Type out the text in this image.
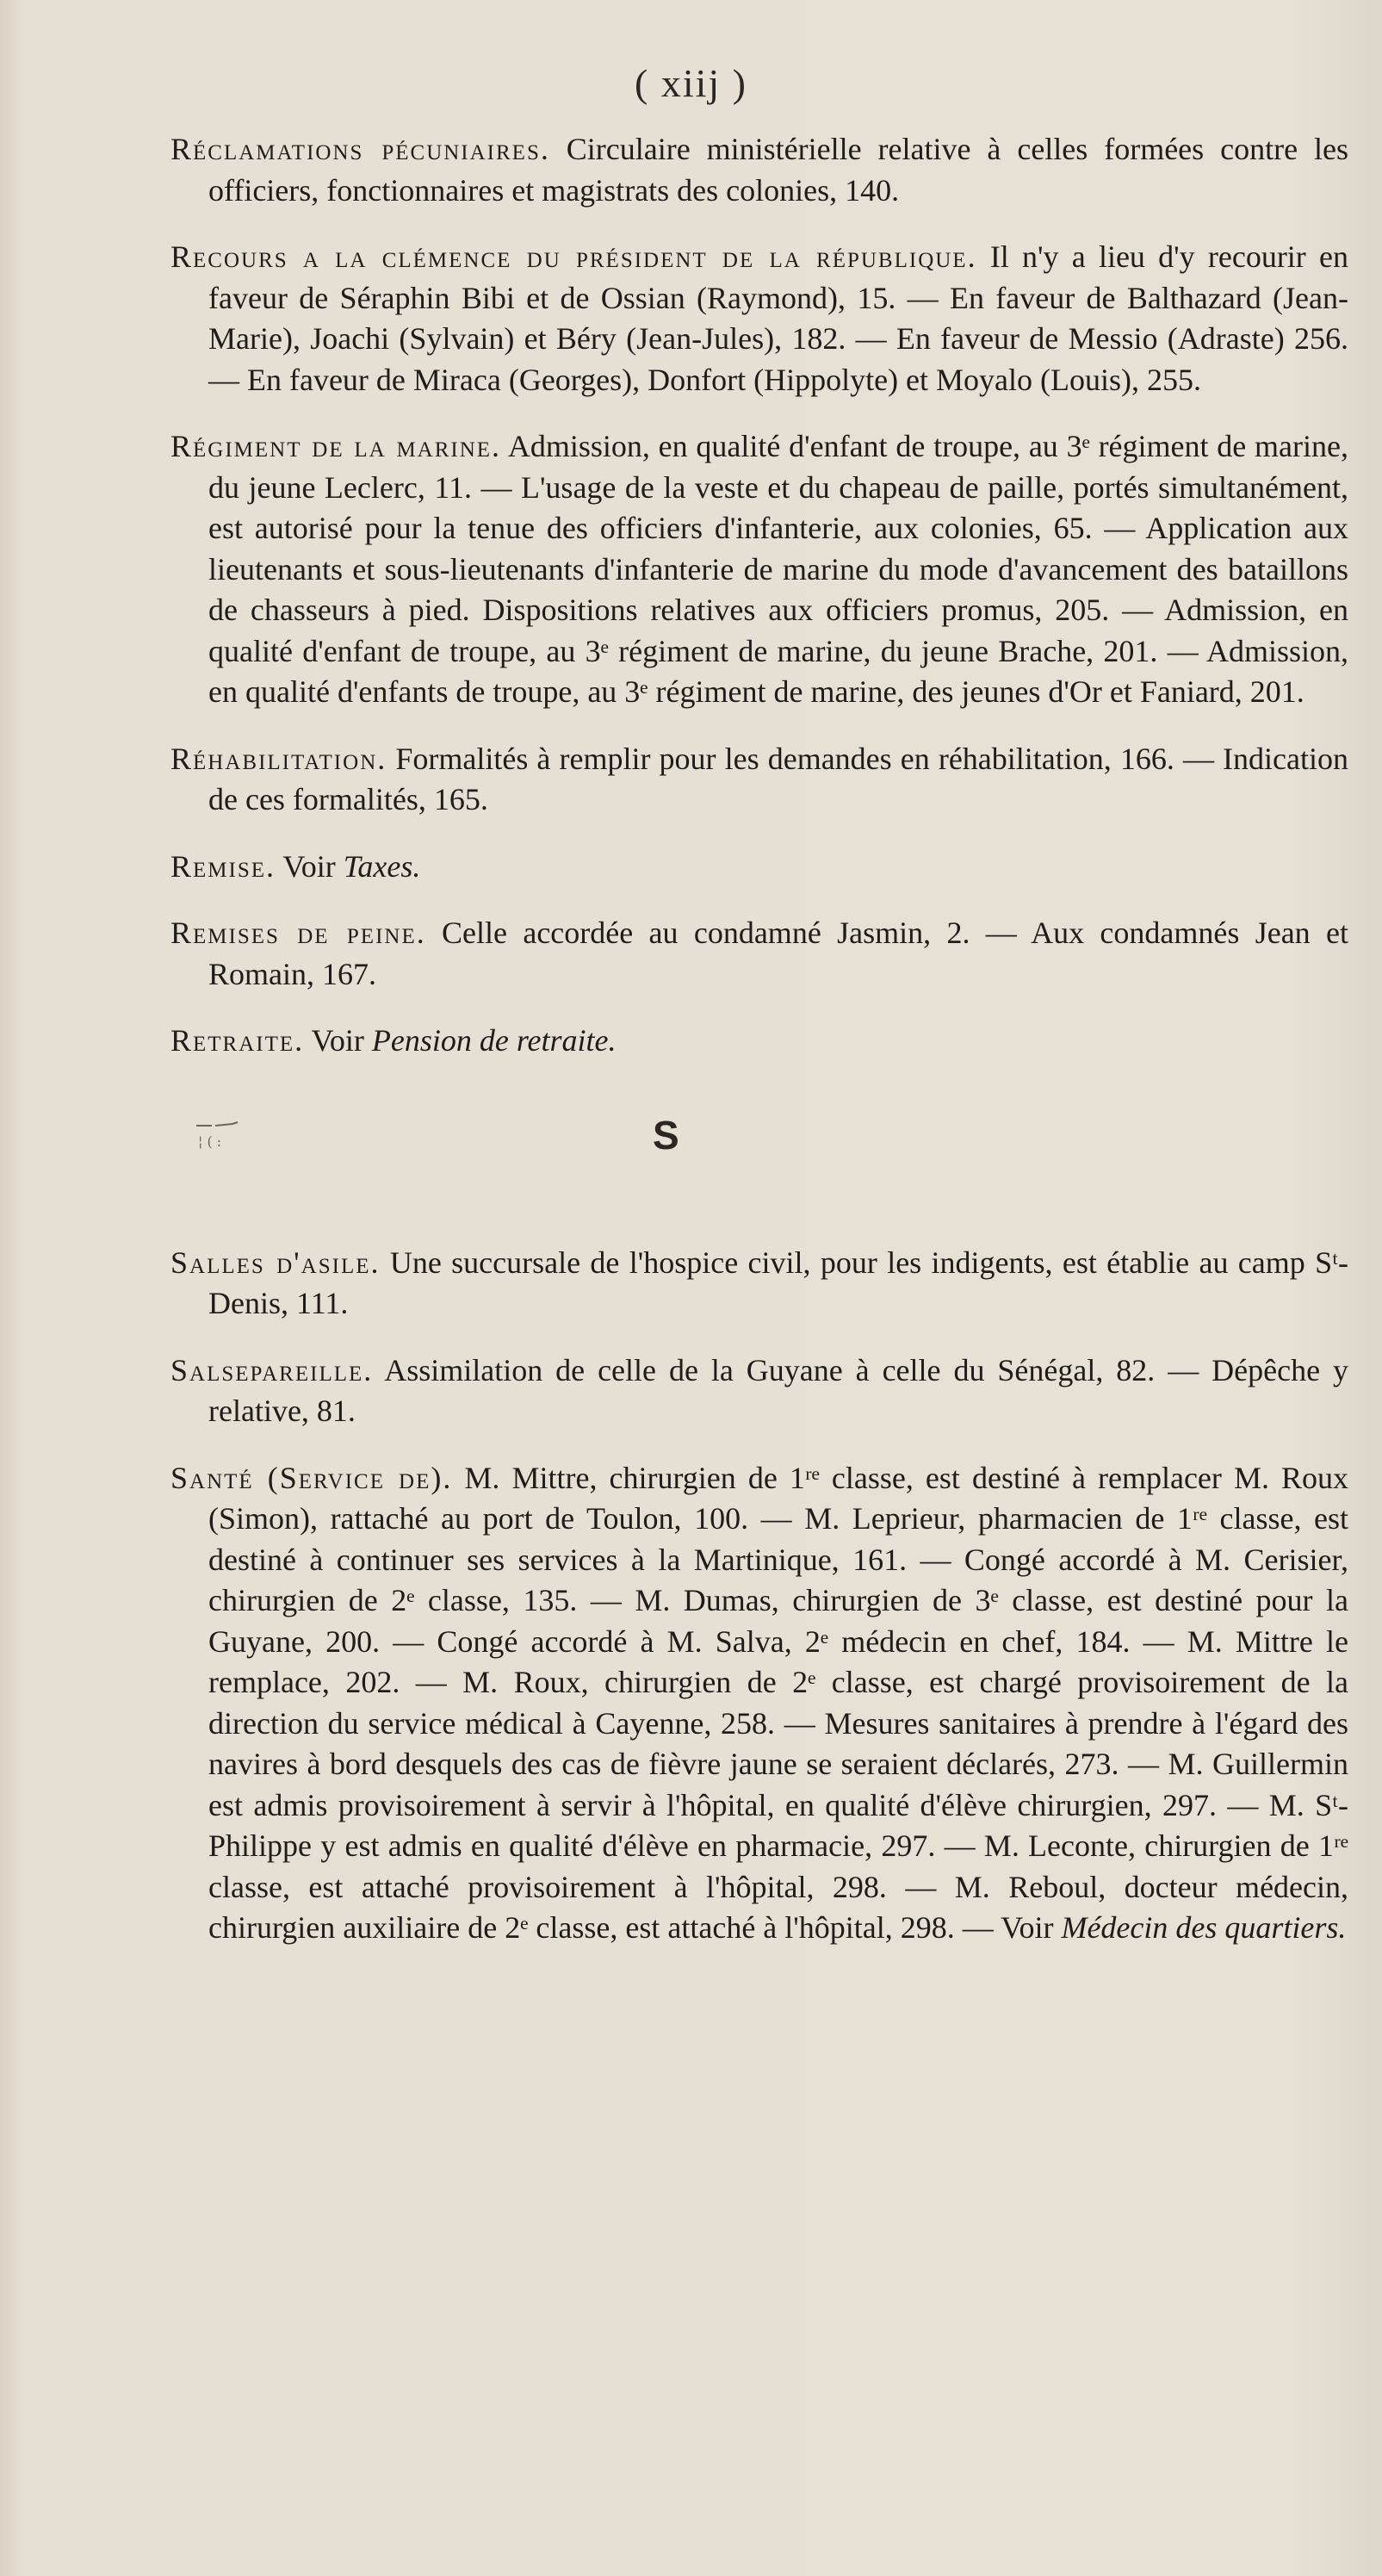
( xiij )
Réclamations pécuniaires. Circulaire ministérielle relative à celles formées contre les officiers, fonctionnaires et magistrats des colonies, 140.
Recours a la clémence du président de la république. Il n'y a lieu d'y recourir en faveur de Séraphin Bibi et de Ossian (Raymond), 15. — En faveur de Balthazard (Jean-Marie), Joachi (Sylvain) et Béry (Jean-Jules), 182. — En faveur de Messio (Adraste) 256. — En faveur de Miraca (Georges), Donfort (Hippolyte) et Moyalo (Louis), 255.
Régiment de la marine. Admission, en qualité d'enfant de troupe, au 3ᵉ régiment de marine, du jeune Leclerc, 11. — L'usage de la veste et du chapeau de paille, portés simultanément, est autorisé pour la tenue des officiers d'infanterie, aux colonies, 65. — Application aux lieutenants et sous-lieutenants d'infanterie de marine du mode d'avancement des bataillons de chasseurs à pied. Dispositions relatives aux officiers promus, 205. — Admission, en qualité d'enfant de troupe, au 3ᵉ régiment de marine, du jeune Brache, 201. — Admission, en qualité d'enfants de troupe, au 3ᵉ régiment de marine, des jeunes d'Or et Faniard, 201.
Réhabilitation. Formalités à remplir pour les demandes en réhabilitation, 166. — Indication de ces formalités, 165.
Remise. Voir Taxes.
Remises de peine. Celle accordée au condamné Jasmin, 2. — Aux condamnés Jean et Romain, 167.
Retraite. Voir Pension de retraite.
¦ ( :	S
Salles d'asile. Une succursale de l'hospice civil, pour les indigents, est établie au camp Sᵗ-Denis, 111.
Salsepareille. Assimilation de celle de la Guyane à celle du Sénégal, 82. — Dépêche y relative, 81.
Santé (Service de). M. Mittre, chirurgien de 1ʳᵉ classe, est destiné à remplacer M. Roux (Simon), rattaché au port de Toulon, 100. — M. Leprieur, pharmacien de 1ʳᵉ classe, est destiné à continuer ses services à la Martinique, 161. — Congé accordé à M. Cerisier, chirurgien de 2ᵉ classe, 135. — M. Dumas, chirurgien de 3ᵉ classe, est destiné pour la Guyane, 200. — Congé accordé à M. Salva, 2ᵉ médecin en chef, 184. — M. Mittre le remplace, 202. — M. Roux, chirurgien de 2ᵉ classe, est chargé provisoirement de la direction du service médical à Cayenne, 258. — Mesures sanitaires à prendre à l'égard des navires à bord desquels des cas de fièvre jaune se seraient déclarés, 273. — M. Guillermin est admis provisoirement à servir à l'hôpital, en qualité d'élève chirurgien, 297. — M. Sᵗ-Philippe y est admis en qualité d'élève en pharmacie, 297. — M. Leconte, chirurgien de 1ʳᵉ classe, est attaché provisoirement à l'hôpital, 298. — M. Reboul, docteur médecin, chirurgien auxiliaire de 2ᵉ classe, est attaché à l'hôpital, 298. — Voir Médecin des quartiers.
